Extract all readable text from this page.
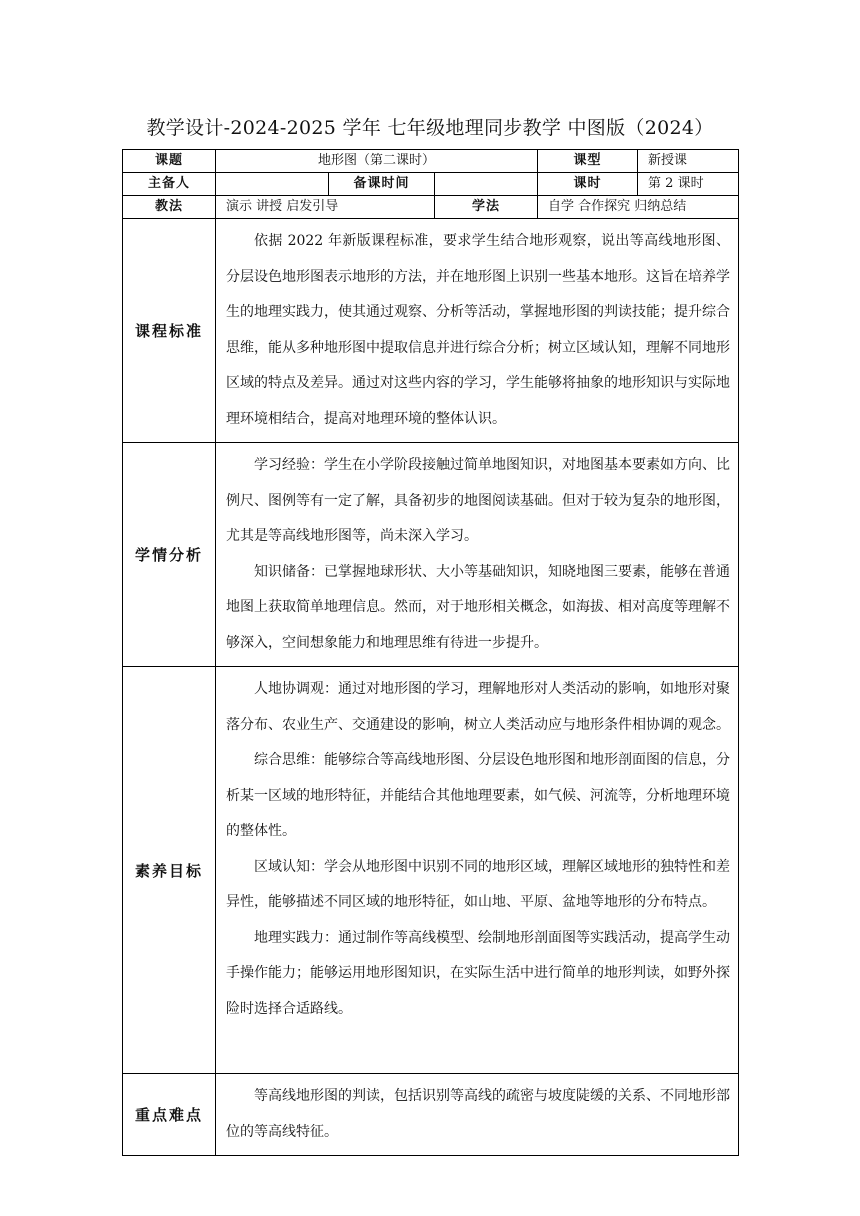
教学设计-2024-2025 学年 七年级地理同步教学 中图版（2024）
课题	地形图（第二课时）			课型	新授课
主备人		备课时间		课时	第 2 课时
教法	演示 讲授 启发引导		学法	自学 合作探究 归纳总结	
课程标准	依据 2022 年新版课程标准，要求学生结合地形观察，说出等高线地形图、分层设色地形图表示地形的方法，并在地形图上识别一些基本地形。这旨在培养学生的地理实践力，使其通过观察、分析等活动，掌握地形图的判读技能；提升综合思维，能从多种地形图中提取信息并进行综合分析；树立区域认知，理解不同地形区域的特点及差异。通过对这些内容的学习，学生能够将抽象的地形知识与实际地理环境相结合，提高对地理环境的整体认识。				

学情分析	学习经验：学生在小学阶段接触过简单地图知识，对地图基本要素如方向、比例尺、图例等有一定了解，具备初步的地图阅读基础。但对于较为复杂的地形图，尤其是等高线地形图等，尚未深入学习。

知识储备：已掌握地球形状、大小等基础知识，知晓地图三要素，能够在普通地图上获取简单地理信息。然而，对于地形相关概念，如海拔、相对高度等理解不够深入，空间想象能力和地理思维有待进一步提升。				

素养目标	人地协调观：通过对地形图的学习，理解地形对人类活动的影响，如地形对聚落分布、农业生产、交通建设的影响，树立人类活动应与地形条件相协调的观念。

综合思维：能够综合等高线地形图、分层设色地形图和地形剖面图的信息，分析某一区域的地形特征，并能结合其他地理要素，如气候、河流等，分析地理环境的整体性。

区域认知：学会从地形图中识别不同的地形区域，理解区域地形的独特性和差异性，能够描述不同区域的地形特征，如山地、平原、盆地等地形的分布特点。

地理实践力：通过制作等高线模型、绘制地形剖面图等实践活动，提高学生动手操作能力；能够运用地形图知识，在实际生活中进行简单的地形判读，如野外探险时选择合适路线。				

重点难点	等高线地形图的判读，包括识别等高线的疏密与坡度陡缓的关系、不同地形部位的等高线特征。				
